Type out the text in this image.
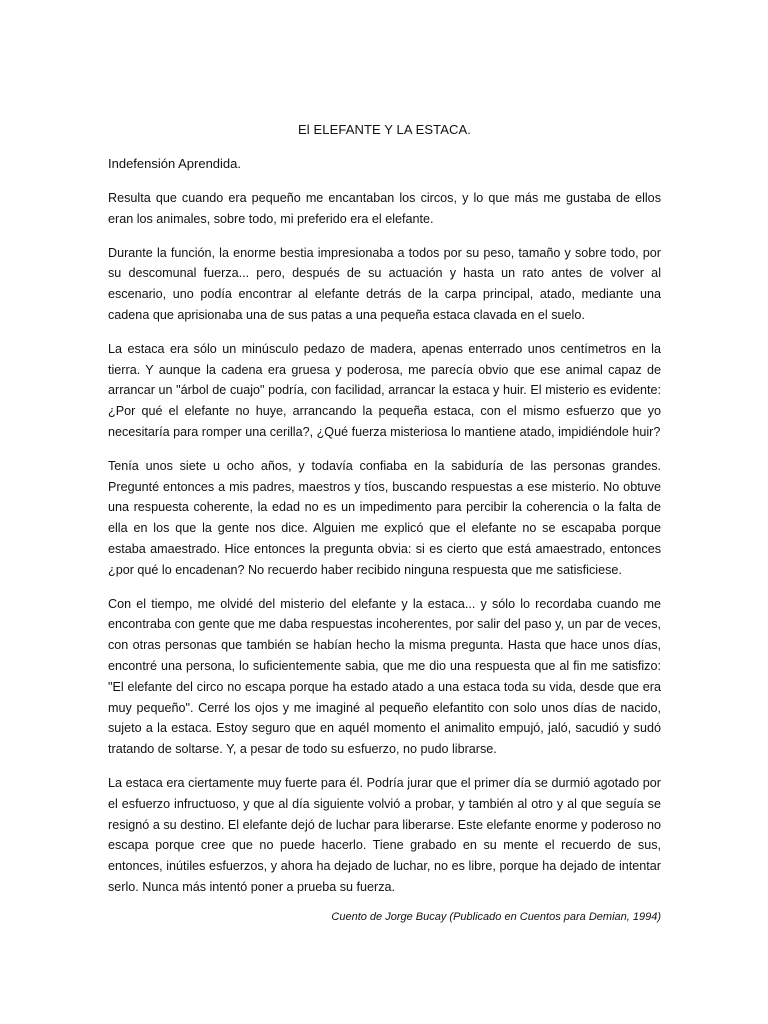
El ELEFANTE Y LA ESTACA.
Indefensión Aprendida.

Resulta que cuando era pequeño me encantaban los circos, y lo que más me gustaba de ellos eran los animales, sobre todo, mi preferido era el elefante.

Durante la función, la enorme bestia impresionaba a todos por su peso, tamaño y sobre todo, por su descomunal fuerza... pero, después de su actuación y hasta un rato antes de volver al escenario, uno podía encontrar al elefante detrás de la carpa principal, atado, mediante una cadena que aprisionaba una de sus patas a una pequeña estaca clavada en el suelo.

La estaca era sólo un minúsculo pedazo de madera, apenas enterrado unos centímetros en la tierra. Y aunque la cadena era gruesa y poderosa, me parecía obvio que ese animal capaz de arrancar un "árbol de cuajo" podría, con facilidad, arrancar la estaca y huir. El misterio es evidente: ¿Por qué el elefante no huye, arrancando la pequeña estaca, con el mismo esfuerzo que yo necesitaría para romper una cerilla?, ¿Qué fuerza misteriosa lo mantiene atado, impidiéndole huir?

Tenía unos siete u ocho años, y todavía confiaba en la sabiduría de las personas grandes. Pregunté entonces a mis padres, maestros y tíos, buscando respuestas a ese misterio. No obtuve una respuesta coherente, la edad no es un impedimento para percibir la coherencia o la falta de ella en los que la gente nos dice. Alguien me explicó que el elefante no se escapaba porque estaba amaestrado. Hice entonces la pregunta obvia: si es cierto que está amaestrado, entonces ¿por qué lo encadenan? No recuerdo haber recibido ninguna respuesta que me satisficiese.

Con el tiempo, me olvidé del misterio del elefante y la estaca... y sólo lo recordaba cuando me encontraba con gente que me daba respuestas incoherentes, por salir del paso y, un par de veces, con otras personas que también se habían hecho la misma pregunta. Hasta que hace unos días, encontré una persona, lo suficientemente sabia, que me dio una respuesta que al fin me satisfizo: "El elefante del circo no escapa porque ha estado atado a una estaca toda su vida, desde que era muy pequeño". Cerré los ojos y me imaginé al pequeño elefantito con solo unos días de nacido, sujeto a la estaca. Estoy seguro que en aquél momento el animalito empujó, jaló, sacudió y sudó tratando de soltarse. Y, a pesar de todo su esfuerzo, no pudo librarse.

La estaca era ciertamente muy fuerte para él. Podría jurar que el primer día se durmió agotado por el esfuerzo infructuoso, y que al día siguiente volvió a probar, y también al otro y al que seguía se resignó a su destino. El elefante dejó de luchar para liberarse. Este elefante enorme y poderoso no escapa porque cree que no puede hacerlo. Tiene grabado en su mente el recuerdo de sus, entonces, inútiles esfuerzos, y ahora ha dejado de luchar, no es libre, porque ha dejado de intentar serlo. Nunca más intentó poner a prueba su fuerza.

Cuento de Jorge Bucay (Publicado en Cuentos para Demian, 1994)
